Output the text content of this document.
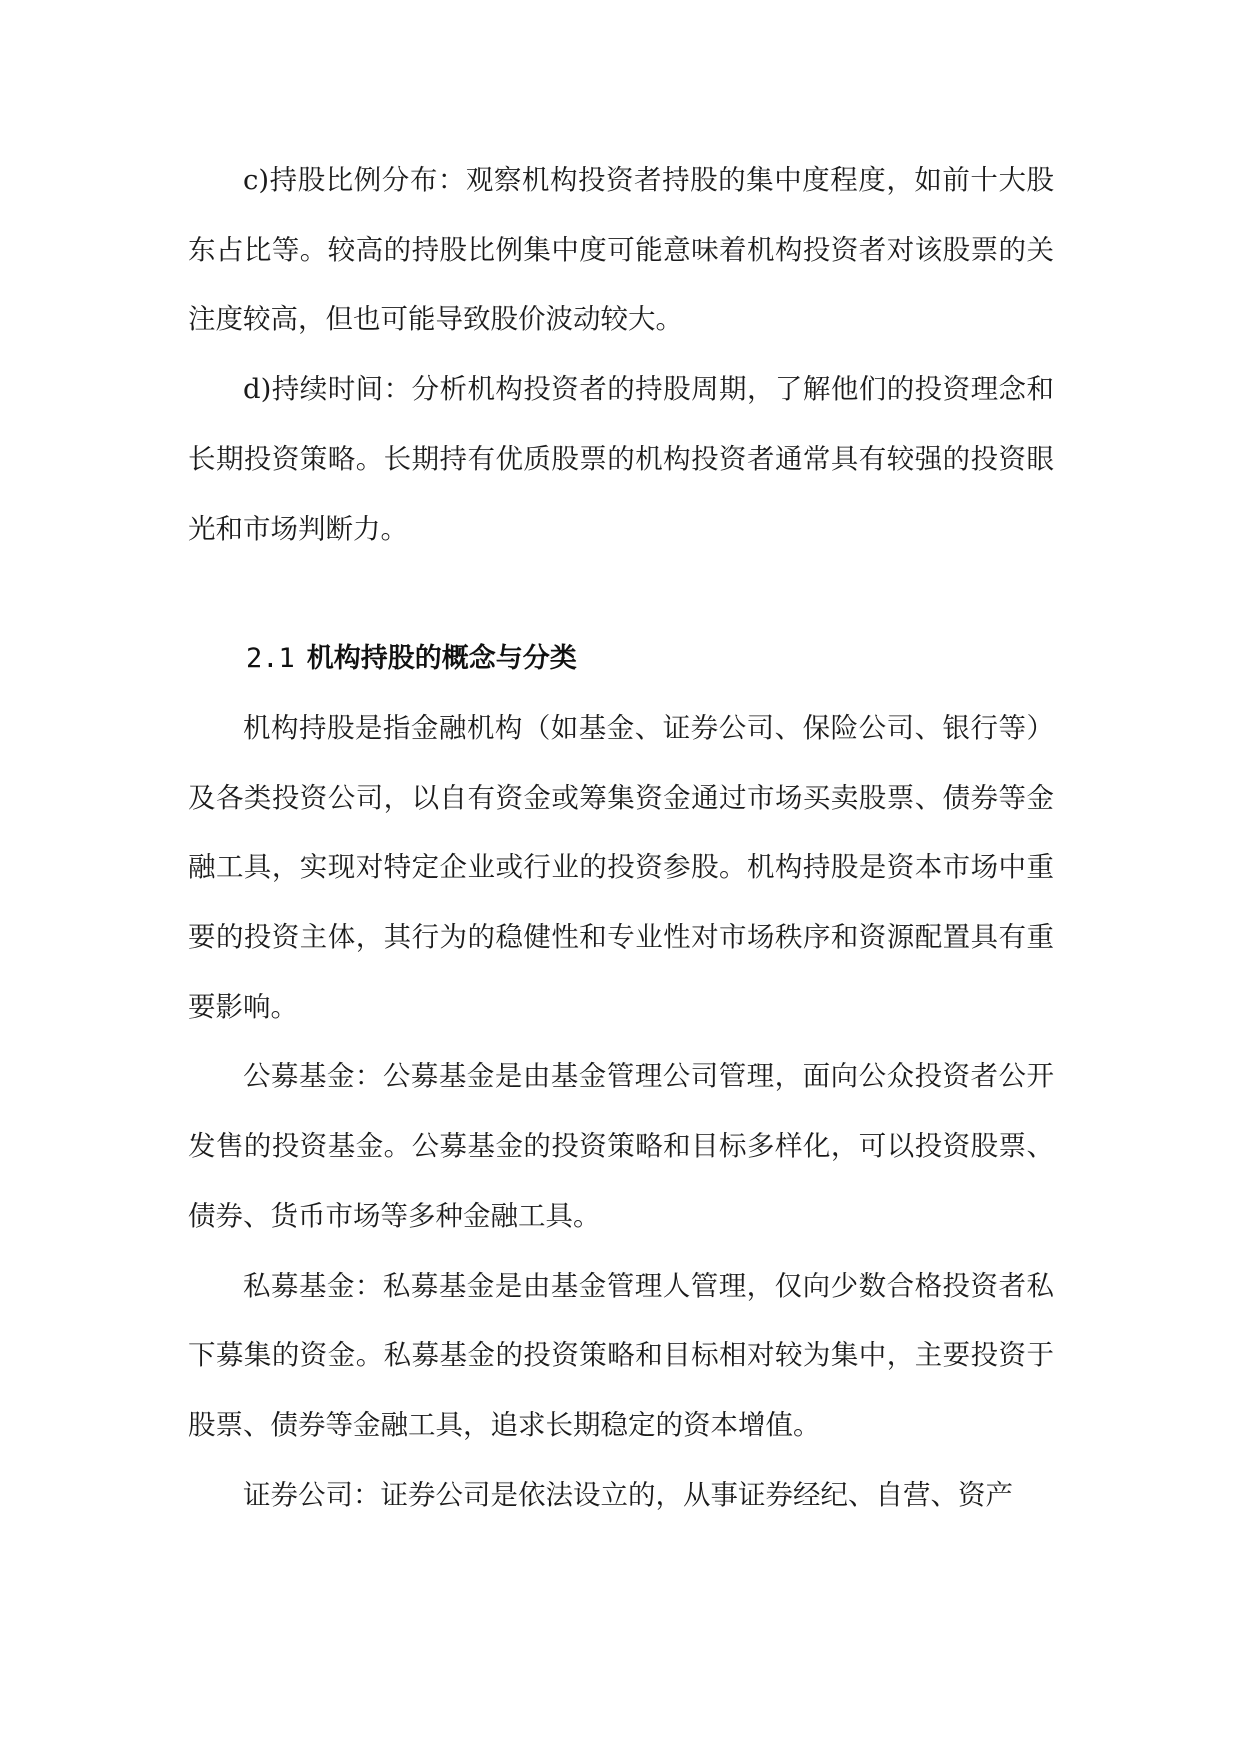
c)持股比例分布：观察机构投资者持股的集中度程度，如前十大股东占比等。较高的持股比例集中度可能意味着机构投资者对该股票的关注度较高，但也可能导致股价波动较大。

d)持续时间：分析机构投资者的持股周期，了解他们的投资理念和长期投资策略。长期持有优质股票的机构投资者通常具有较强的投资眼光和市场判断力。

2.1 机构持股的概念与分类

机构持股是指金融机构（如基金、证券公司、保险公司、银行等）及各类投资公司，以自有资金或筹集资金通过市场买卖股票、债券等金融工具，实现对特定企业或行业的投资参股。机构持股是资本市场中重要的投资主体，其行为的稳健性和专业性对市场秩序和资源配置具有重要影响。

公募基金：公募基金是由基金管理公司管理，面向公众投资者公开发售的投资基金。公募基金的投资策略和目标多样化，可以投资股票、债券、货币市场等多种金融工具。

私募基金：私募基金是由基金管理人管理，仅向少数合格投资者私下募集的资金。私募基金的投资策略和目标相对较为集中，主要投资于股票、债券等金融工具，追求长期稳定的资本增值。

证券公司：证券公司是依法设立的，从事证券经纪、自营、资产
